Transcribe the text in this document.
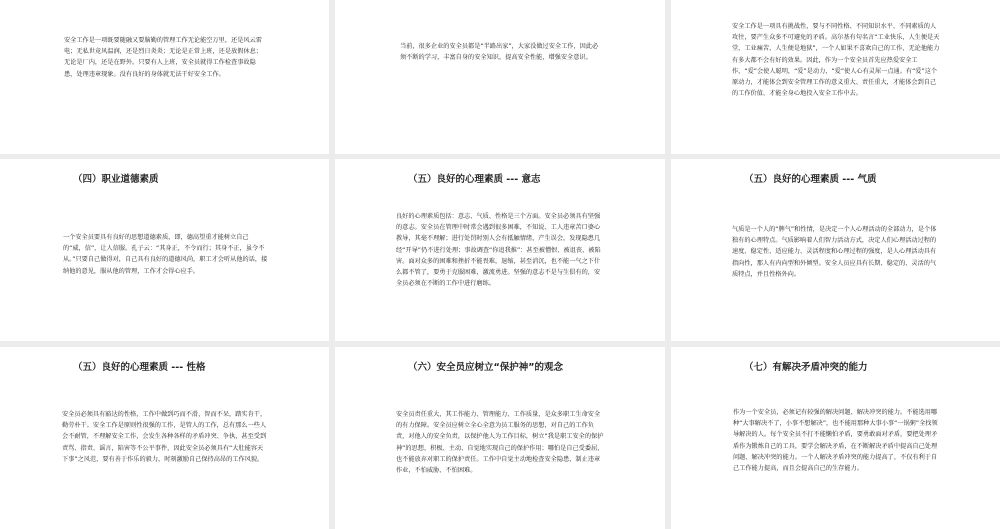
安全工作是一项既要随融又要脑勤的管理工作无论能空万里，还是风云雷电；无私世竟风温润，还是烈日炎炎；无论是正常上班，还是放假休息；无论是厂内，还是在野外。只要有人上班，安全员就得工作检查事故隐患，处理违章现象。没有良好的身体就无法干好安全工作。
当前，很多企业的安全员都是“半路出家”，大家没做过安全工作，因此必须不断的学习，丰富自身的安全知识，提高安全性能，增强安全意识。
安全工作是一项具有挑战性，要与不同性格、不同知识水平、不同素质的人攻往，要产生众多不可避免的矛盾。高尔基有句名言“工业快乐，人生便是天堂，工业痛苦，人生便是地狱”，一个人如果不喜欢自己的工作，无论他能力有多大都不会有好的效果。因此，作为一个安全员首先应热爱安全工作，“爱”会使人聪明，“爱”是动力，“爱”使人心有灵犀一点通。有“爱”这个原动力，才能体会到安全管理工作的意义重大、责任重大，才能体会到自己的工作价值、才能全身心地投入安全工作中去。
（四）职业道德素质
一个安全员要具有良好的思想道德素质，即，德高望重才能树立自己的“威，信”，让人信服。孔子云：“其身正，不令而行；其身不正，虽令不从。”只要自己做得对，自己具有良好的道德风尚，职工才会听从他的话，接纳他的意见，服从他的管理，工作才会得心应手。
（五）良好的心理素质 --- 意志
良好的心理素质包括：意志、气质、性格是三个方面。安全员必须具有坚强的意志。安全员在管理中时常会遇到很多困难，不知说、工人违章苦口婆心教导，其毫不理解；进行处罚时别人会有抵触情绪，产生误会，发现隐患几经“开导”仍不进行处理；事故调查“你追我推”：甚至被憎恨、被诅丧、被陷害。面对众多的困难和挫折不能畏难，退缩，甚至消沉，也不能一气之下什么都不管了，要勇于克服困难，激流勇进。坚强的意志不是与生俱有的，安全员必须在不断的工作中进行磨练。
（五）良好的心理素质 --- 气质
气质是一个人的“脾气”和性情，是决定一个人心理活动的全部动力，是个体独有的心理特点。气质影响着人们智力活动方式，决定人们心理活动过程的速度、稳定性、适应能力、灵活程度和心理过程的强度，是人心理活动具有指向性，那人有内向型和外倾型。安全人员应具有长期、稳定的、灵活的气质特点，并且性格外向。
（五）良好的心理素质 --- 性格
安全员必须具有豁达的性格，工作中做到巧而不滑，智而不呆，踏实肯干，勤劳朴干。安全工作是原则性很强的工作，是管人的工作，总有那么一些人会不耐管，不理解安全工作，会发生各种各样的矛盾冲突、争执，甚至受到责骂、指责、谣言，陷害等不公平事件，因此安全员必须具有“大肚能容天下事”之风范，要有善于作乐的毅力，时刻激励自己保持高昂的工作风貌。
（六）安全员应树立“保护神”的观念
安全员责任重大，其工作能力、管理能力、工作质量，是众多职工生命安全的有力保障。安全员应树立全心全意为员工服务的思想，对自己的工作负责，对他人的安全负责，以保护他人为工作目标，树立“我是职工安全的保护神”的思想，积极、主动、自觉地实现自己的保护作用；哪怕是自己受委屈，也不能放弃对职工的保护责任。工作中自觉主动地检查安全隐患，制止违章作业，不怕威胁、不怕困难。
（七）有解决矛盾冲突的能力
作为一个安全员，必须记有较强的解决问题、解决冲突的能力。不能选用哪种“大事解决不了，小事不想解决”，也不能用那种大事小事“一锅粥”全找领导解决的人。每个安全员不打不能懒怕矛盾，要勇敢面对矛盾，要把处理矛盾作为锻炼自己的工具，要学会解决矛盾，在不断解决矛盾中提高自己处理问题、解决冲突的能力。一个人解决矛盾冲突的能力提高了，不仅有利于自己工作能力提高，而且会提高自己的生存能力。
